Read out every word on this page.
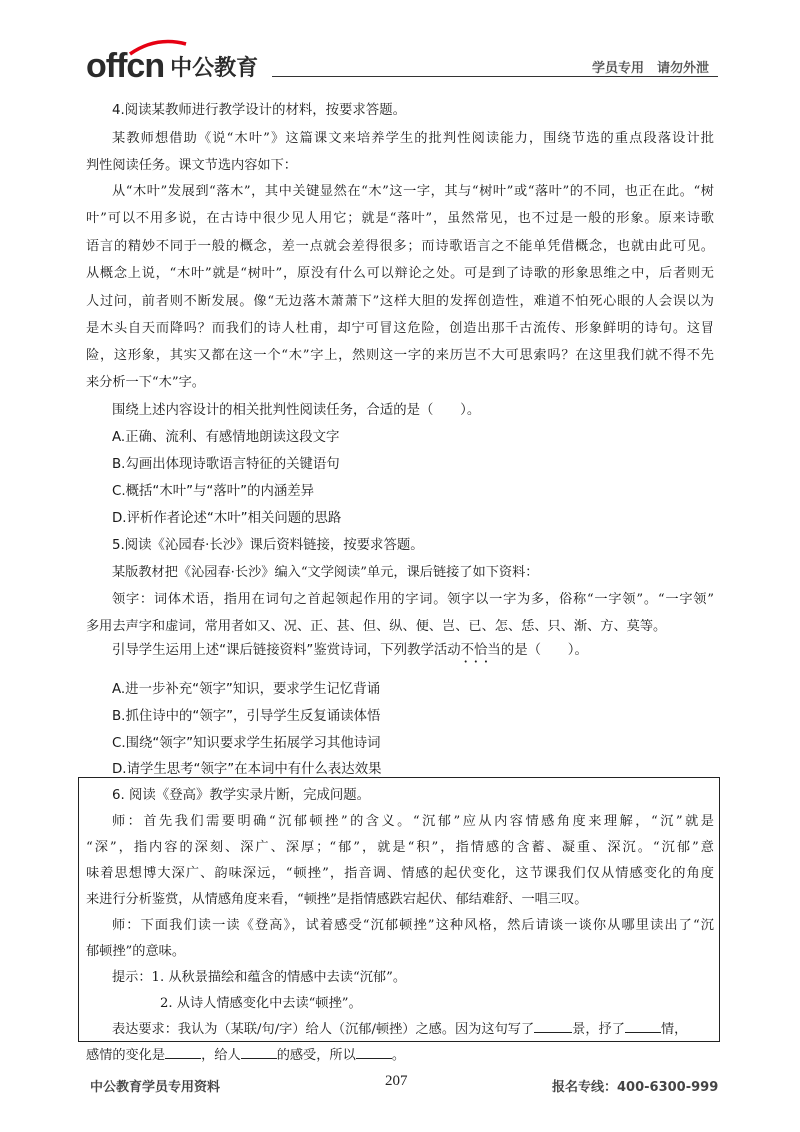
offcn 中公教育	学员专用　请勿外泄
4.阅读某教师进行教学设计的材料，按要求答题。
某教师想借助《说“木叶”》这篇课文来培养学生的批判性阅读能力，围绕节选的重点段落设计批
判性阅读任务。课文节选内容如下：
从“木叶”发展到“落木”，其中关键显然在“木”这一字，其与“树叶”或“落叶”的不同，也正在此。“树
叶”可以不用多说，在古诗中很少见人用它；就是“落叶”，虽然常见，也不过是一般的形象。原来诗歌
语言的精妙不同于一般的概念，差一点就会差得很多；而诗歌语言之不能单凭借概念，也就由此可见。
从概念上说，“木叶”就是“树叶”，原没有什么可以辩论之处。可是到了诗歌的形象思维之中，后者则无
人过问，前者则不断发展。像“无边落木萧萧下”这样大胆的发挥创造性，难道不怕死心眼的人会误以为
是木头自天而降吗？而我们的诗人杜甫，却宁可冒这危险，创造出那千古流传、形象鲜明的诗句。这冒
险，这形象，其实又都在这一个“木”字上，然则这一字的来历岂不大可思索吗？在这里我们就不得不先
来分析一下“木”字。
围绕上述内容设计的相关批判性阅读任务，合适的是（　　）。
A.正确、流利、有感情地朗读这段文字
B.勾画出体现诗歌语言特征的关键语句
C.概括“木叶”与“落叶”的内涵差异
D.评析作者论述“木叶”相关问题的思路
5.阅读《沁园春·长沙》课后资料链接，按要求答题。
某版教材把《沁园春·长沙》编入“文学阅读”单元，课后链接了如下资料：
领字：词体术语，指用在词句之首起领起作用的字词。领字以一字为多，俗称“一字领”。“一字领”
多用去声字和虚词，常用者如又、况、正、甚、但、纵、便、岂、已、怎、恁、只、渐、方、莫等。
引导学生运用上述“课后链接资料”鉴赏诗词，下列教学活动不恰当 •••的是（　　）。
A.进一步补充“领字”知识，要求学生记忆背诵
B.抓住诗中的“领字”，引导学生反复诵读体悟
C.围绕“领字”知识要求学生拓展学习其他诗词
D.请学生思考“领字”在本词中有什么表达效果
6. 阅读《登高》教学实录片断，完成问题。
师：首先我们需要明确“沉郁顿挫”的含义。“沉郁”应从内容情感角度来理解，“沉”就是
“深”，指内容的深刻、深广、深厚；“郁”，就是“积”，指情感的含蓄、凝重、深沉。“沉郁”意
味着思想博大深广、韵味深远，“顿挫”，指音调、情感的起伏变化，这节课我们仅从情感变化的角度
来进行分析鉴赏，从情感角度来看，“顿挫”是指情感跌宕起伏、郁结难舒、一唱三叹。
师：下面我们读一读《登高》，试着感受“沉郁顿挫”这种风格，然后请谈一谈你从哪里读出了“沉
郁顿挫”的意味。
提示：1. 从秋景描绘和蕴含的情感中去读“沉郁”。
2. 从诗人情感变化中去读“顿挫”。
表达要求：我认为（某联/句/字）给人（沉郁/顿挫）之感。因为这句写了	景，抒了	情，
感情的变化是	，给人	的感受，所以	。
中公教育学员专用资料	207	报名专线：400-6300-999
